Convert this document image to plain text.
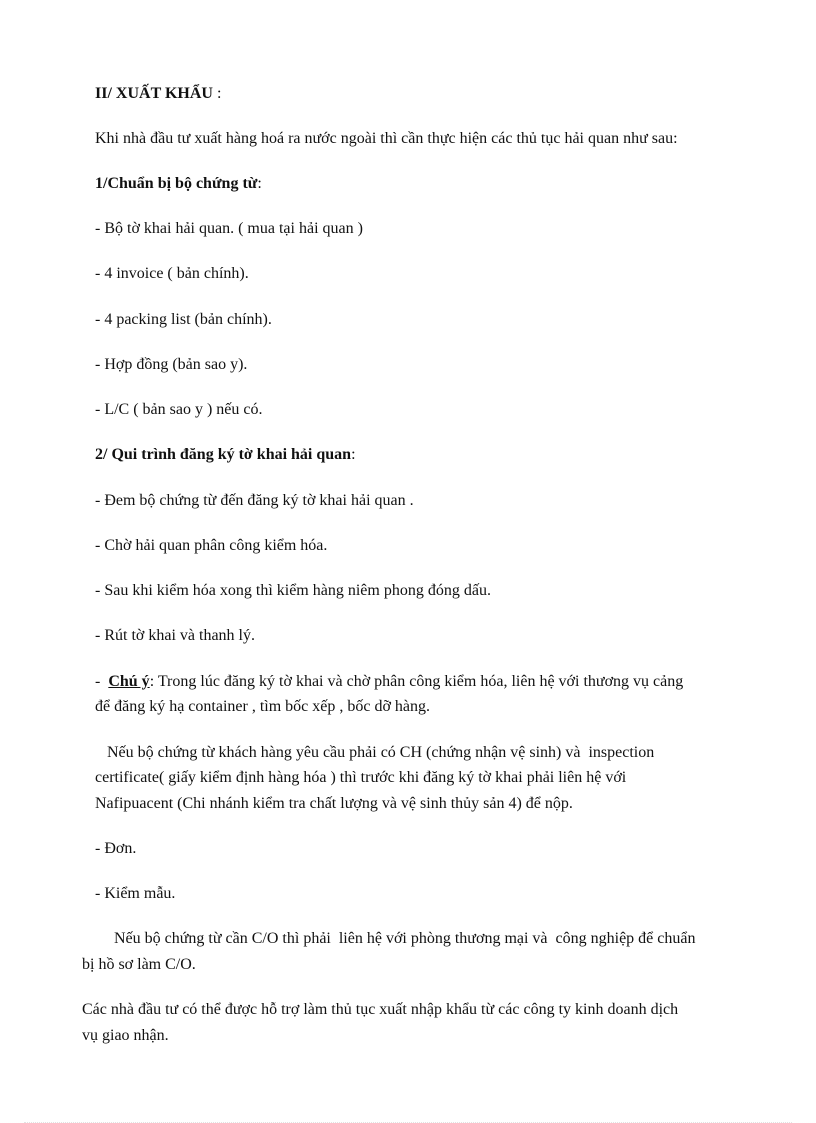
II/ XUẤT KHẨU :

Khi nhà đầu tư xuất hàng hoá ra nước ngoài thì cần thực hiện các thủ tục hải quan như sau:

1/Chuẩn bị bộ chứng từ:

- Bộ tờ khai hải quan. ( mua tại hải quan )

- 4 invoice ( bản chính).

- 4 packing list (bản chính).

- Hợp đồng (bản sao y).

- L/C ( bản sao y ) nếu có.

2/ Qui trình đăng ký tờ khai hải quan:

- Đem bộ chứng từ đến đăng ký tờ khai hải quan .

- Chờ hải quan phân công kiểm hóa.

- Sau khi kiểm hóa xong thì kiểm hàng niêm phong đóng dấu.

- Rút tờ khai và thanh lý.

-  Chú ý: Trong lúc đăng ký tờ khai và chờ phân công kiểm hóa, liên hệ với thương vụ cảng

để đăng ký hạ container , tìm bốc xếp , bốc dỡ hàng.

Nếu bộ chứng từ khách hàng yêu cầu phải có CH (chứng nhận vệ sinh) và  inspection

certificate( giấy kiểm định hàng hóa ) thì trước khi đăng ký tờ khai phải liên hệ với

Nafipuacent (Chi nhánh kiểm tra chất lượng và vệ sinh thủy sản 4) để nộp.

- Đơn.

- Kiểm mẫu.

Nếu bộ chứng từ cần C/O thì phải  liên hệ với phòng thương mại và  công nghiệp để chuẩn

bị hồ sơ làm C/O.

Các nhà đầu tư có thể được hỗ trợ làm thủ tục xuất nhập khẩu từ các công ty kinh doanh dịch

vụ giao nhận.
